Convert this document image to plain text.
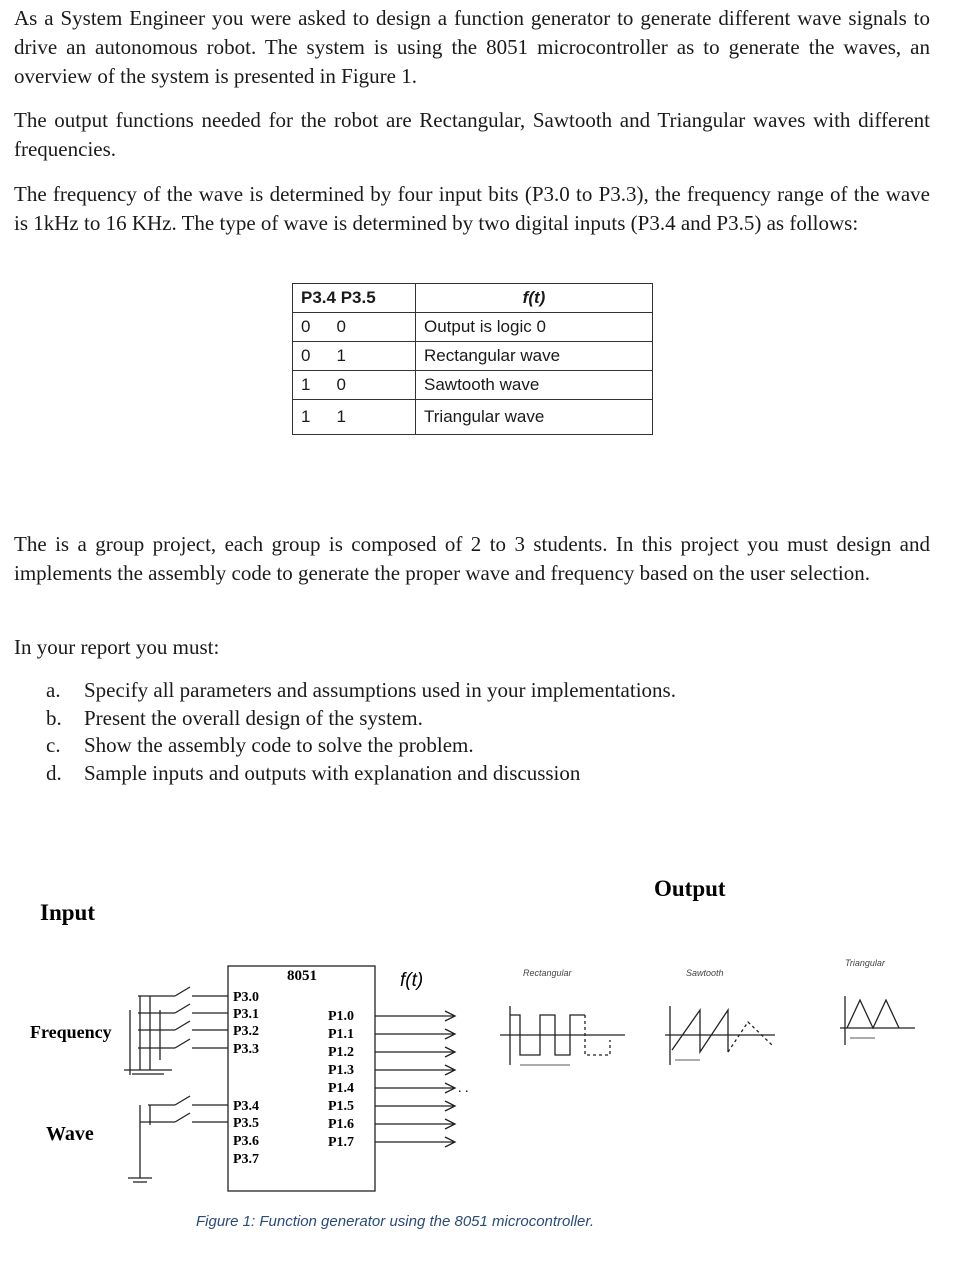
As a System Engineer you were asked to design a function generator to generate different wave signals to drive an autonomous robot. The system is using the 8051 microcontroller as to generate the waves, an overview of the system is presented in Figure 1.

The output functions needed for the robot are Rectangular, Sawtooth and Triangular waves with different frequencies.

The frequency of the wave is determined by four input bits (P3.0 to P3.3), the frequency range of the wave is 1kHz to 16 KHz. The type of wave is determined by two digital inputs (P3.4 and P3.5) as follows:

P3.4 P3.5	f(t)
0 0	Output is logic 0
0 1	Rectangular wave
1 0	Sawtooth wave
1 1	Triangular wave

The is a group project, each group is composed of 2 to 3 students. In this project you must design and implements the assembly code to generate the proper wave and frequency based on the user selection.

In your report you must:

a. Specify all parameters and assumptions used in your implementations.
b. Present the overall design of the system.
c. Show the assembly code to solve the problem.
d. Sample inputs and outputs with explanation and discussion
. .
Input
Output
Frequency
Wave
8051	f(t)
P3.0
P3.1
P3.2
P3.3
P3.4
P3.5
P3.6
P3.7
P1.0
P1.1
P1.2
P1.3
P1.4
P1.5
P1.6
P1.7
Rectangular	Sawtooth
Triangular
Figure 1: Function generator using the 8051 microcontroller.
